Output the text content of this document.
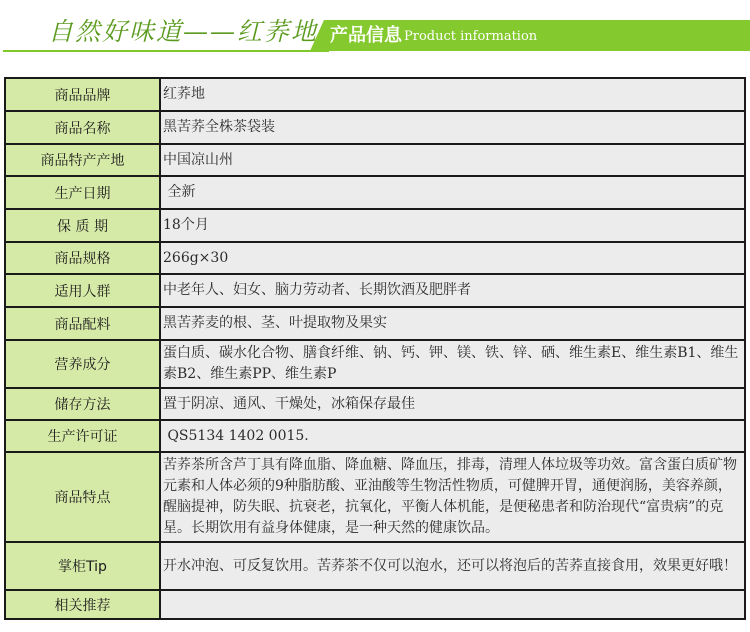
自然好味道——红荞地 产品信息 Product information
商品品牌	红荞地
商品名称	黑苦荞全株茶袋装
商品特产产地	中国凉山州
生产日期	全新
保 质 期	18个月
商品规格	266g×30
适用人群	中老年人、妇女、脑力劳动者、长期饮酒及肥胖者
商品配料	黑苦荞麦的根、茎、叶提取物及果实
营养成分	蛋白质、碳水化合物、膳食纤维、钠、钙、钾、镁、铁、锌、硒、维生素E、维生素B1、维生素B2、维生素PP、维生素P
储存方法	置于阴凉、通风、干燥处，冰箱保存最佳
生产许可证	QS5134 1402 0015.
商品特点	苦荞茶所含芦丁具有降血脂、降血糖、降血压，排毒，清理人体垃圾等功效。富含蛋白质矿物元素和人体必须的9种脂肪酸、亚油酸等生物活性物质，可健脾开胃，通便润肠，美容养颜，醒脑提神，防失眠、抗衰老，抗氧化，平衡人体机能，是便秘患者和防治现代“富贵病”的克星。长期饮用有益身体健康，是一种天然的健康饮品。
掌柜Tip	开水冲泡、可反复饮用。苦荞茶不仅可以泡水，还可以将泡后的苦荞直接食用，效果更好哦！
相关推荐	
